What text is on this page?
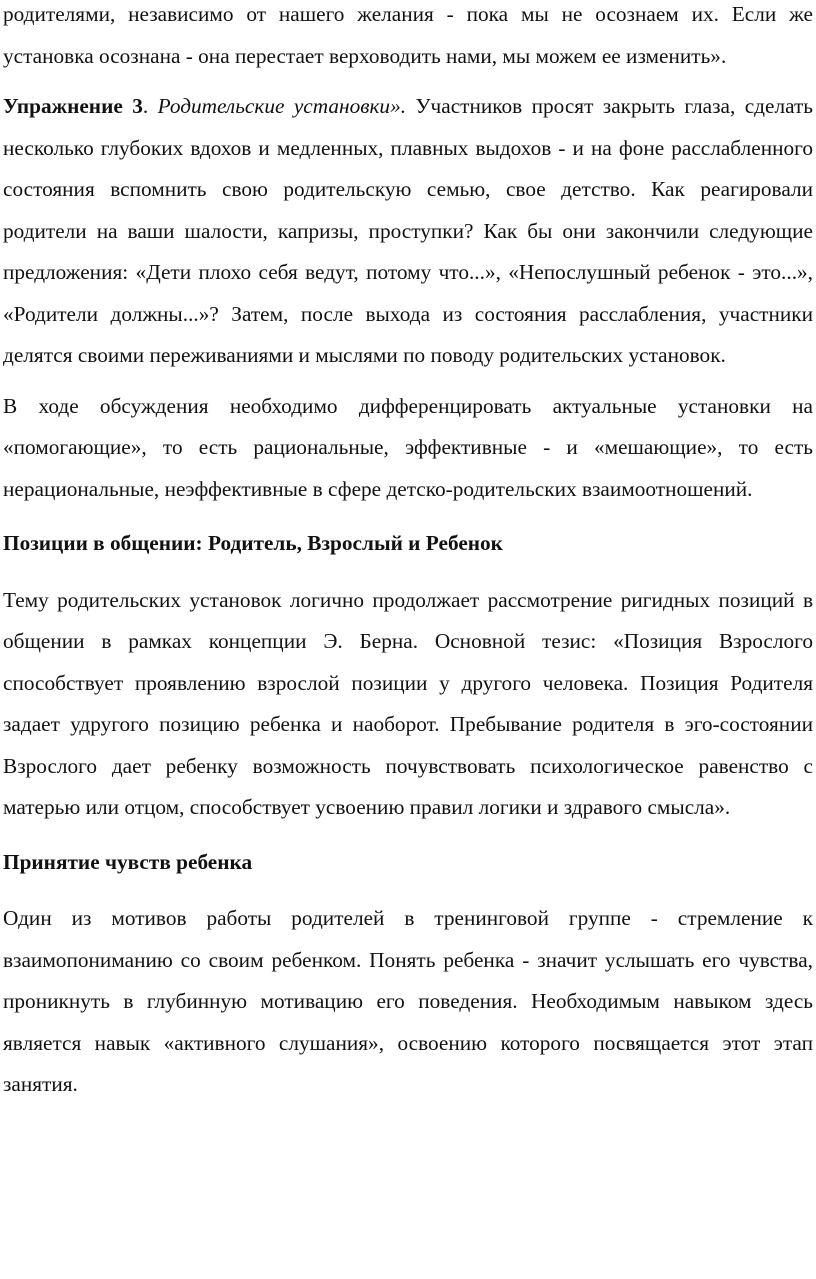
родителями, независимо от нашего желания - пока мы не осознаем их. Если же установка осознана - она перестает верховодить нами, мы можем ее изменить».

Упражнение 3. Родительские установки». Участников просят закрыть глаза, сделать несколько глубоких вдохов и медленных, плавных выдохов - и на фоне расслабленного состояния вспомнить свою родительскую семью, свое детство. Как реагировали родители на ваши шалости, капризы, проступки? Как бы они закончили следующие предложения: «Дети плохо себя ведут, потому что...», «Непослушный ребенок - это...», «Родители должны...»? Затем, после выхода из состояния расслабления, участники делятся своими переживаниями и мыслями по поводу родительских установок.

В ходе обсуждения необходимо дифференцировать актуальные установки на «помогающие», то есть рациональные, эффективные - и «мешающие», то есть нерациональные, неэффективные в сфере детско-родительских взаимоотношений.

Позиции в общении: Родитель, Взрослый и Ребенок

Тему родительских установок логично продолжает рассмотрение ригидных позиций в общении в рамках концепции Э. Берна. Основной тезис: «Позиция Взрослого способствует проявлению взрослой позиции у другого человека. Позиция Родителя задает удругого позицию ребенка и наоборот. Пребывание родителя в эго-состоянии Взрослого дает ребенку возможность почувствовать психологическое равенство с матерью или отцом, способствует усвоению правил логики и здравого смысла».

Принятие чувств ребенка

Один из мотивов работы родителей в тренинговой группе - стремление к взаимопониманию со своим ребенком. Понять ребенка - значит услышать его чувства, проникнуть в глубинную мотивацию его поведения. Необходимым навыком здесь является навык «активного слушания», освоению которого посвящается этот этап занятия.
